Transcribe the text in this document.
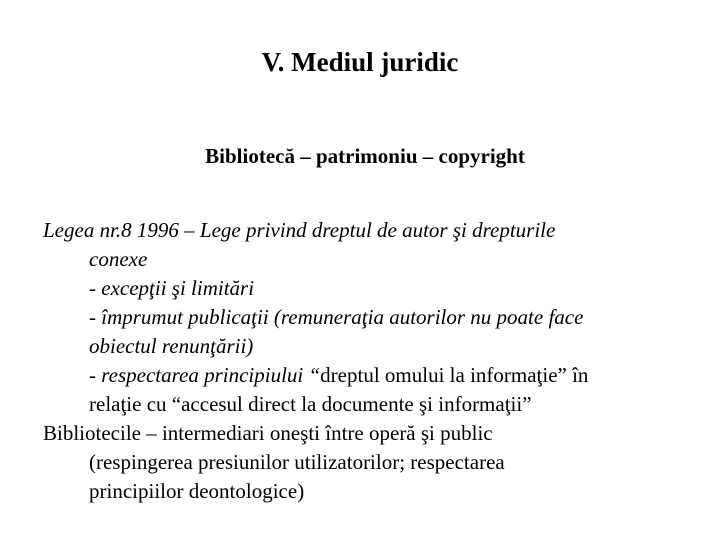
V. Mediul juridic
Bibliotecă – patrimoniu – copyright
Legea nr.8 1996 – Lege privind dreptul de autor şi drepturile
conexe
- excepţii şi limitări
- împrumut publicaţii (remuneraţia autorilor nu poate face
obiectul renunţării)
- respectarea principiului “dreptul omului la informaţie” în
relaţie cu “accesul direct la documente şi informaţii”
Bibliotecile – intermediari oneşti între operă şi public
(respingerea presiunilor utilizatorilor; respectarea
principiilor deontologice)
